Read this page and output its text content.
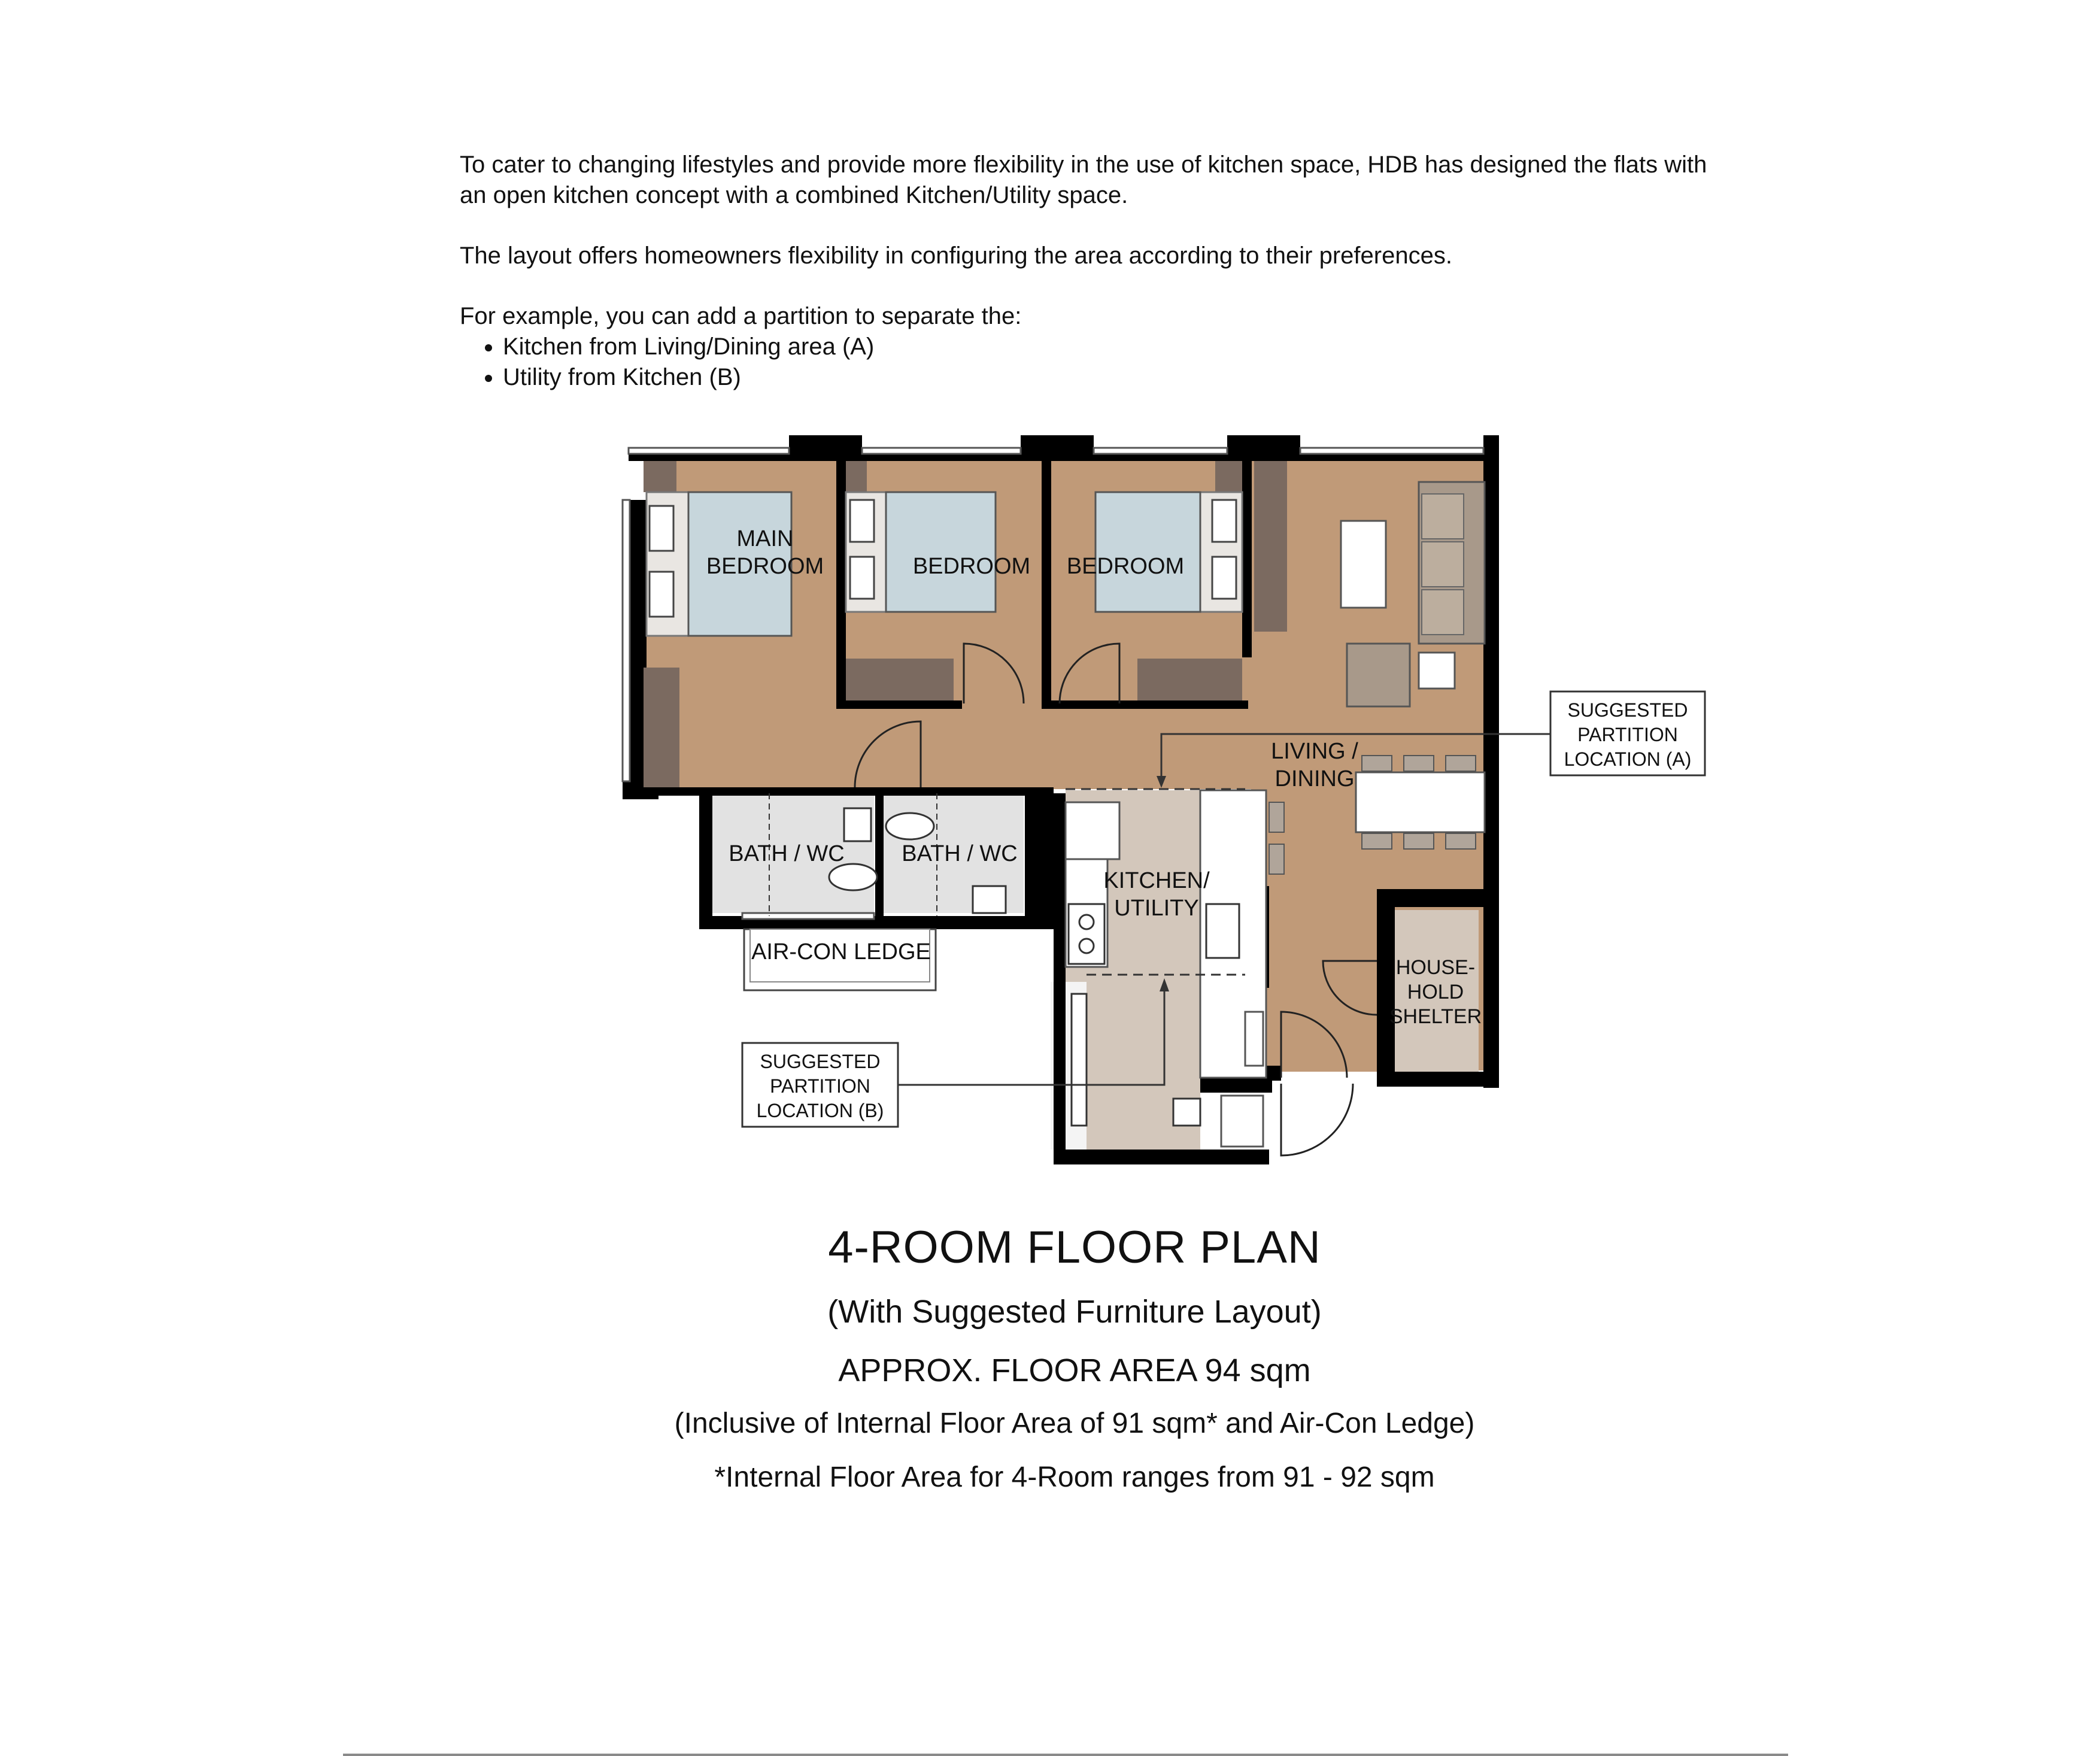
To cater to changing lifestyles and provide more flexibility in the use of kitchen space, HDB has designed the flats with an open kitchen concept with a combined Kitchen/Utility space.

The layout offers homeowners flexibility in configuring the area according to their preferences.

For example, you can add a partition to separate the:

• Kitchen from Living/Dining area (A)
• Utility from Kitchen (B)
SUGGESTED
PARTITION
LOCATION (A)
SUGGESTED
PARTITION
LOCATION (B)
MAIN
BEDROOM	BEDROOM BEDROOM
LIVING /
DINING
BATH / WC	BATH / WC
KITCHEN/
UTILITY
HOUSE-
HOLD
SHELTER
AIR-CON LEDGE
4-ROOM FLOOR PLAN
(With Suggested Furniture Layout)
APPROX. FLOOR AREA 94 sqm
(Inclusive of Internal Floor Area of 91 sqm* and Air-Con Ledge)
*Internal Floor Area for 4-Room ranges from 91 - 92 sqm
